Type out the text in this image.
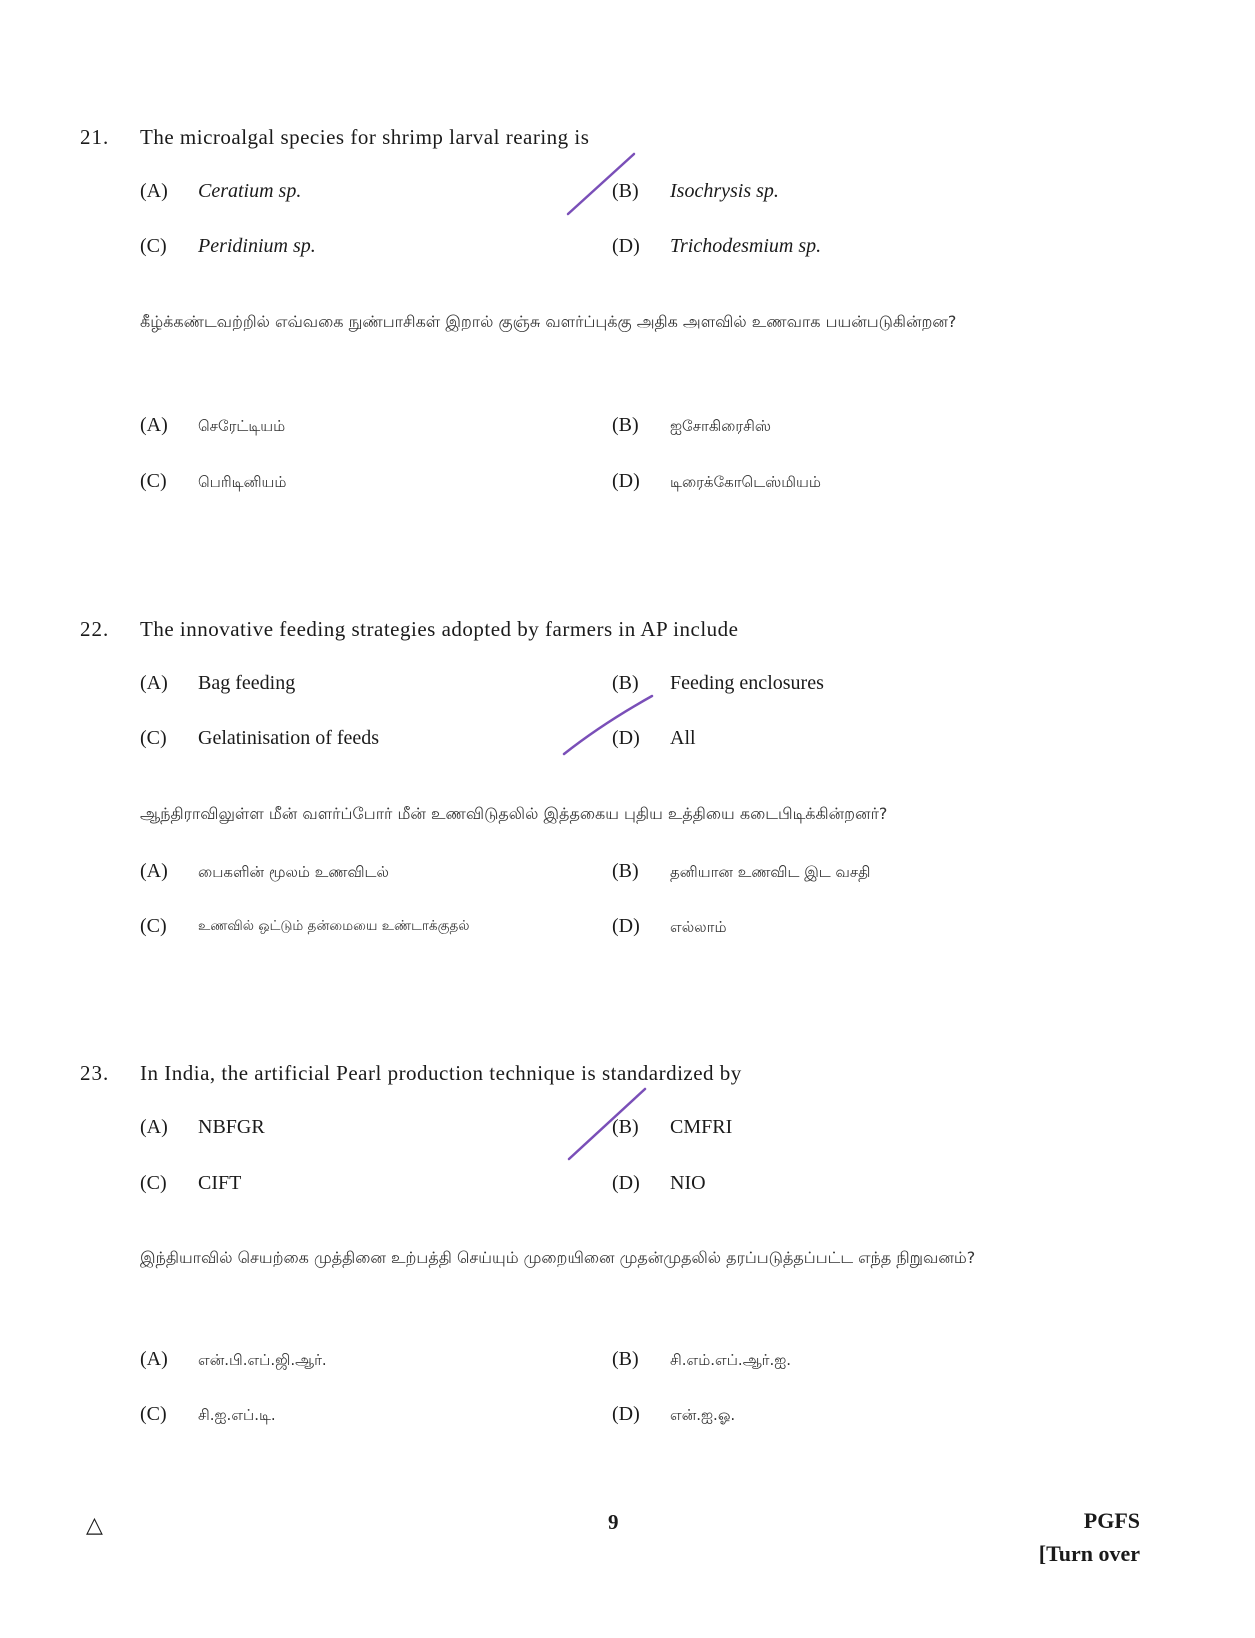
21. The microalgal species for shrimp larval rearing is
(A) Ceratium sp.	(B) Isochrysis sp.
(C) Peridinium sp.	(D) Trichodesmium sp.
கீழ்க்கண்டவற்றில் எவ்வகை நுண்பாசிகள் இறால் குஞ்சு வளர்ப்புக்கு அதிக அளவில் உணவாக பயன்படுகின்றன?
(A) செரேட்டியம்	(B) ஐசோகிரைசிஸ்
(C) பெரிடினியம்	(D) டிரைக்கோடெஸ்மியம்
22. The innovative feeding strategies adopted by farmers in AP include
(A) Bag feeding	(B) Feeding enclosures
(C) Gelatinisation of feeds	(D) All
ஆந்திராவிலுள்ள மீன் வளர்ப்போர் மீன் உணவிடுதலில் இத்தகைய புதிய உத்தியை கடைபிடிக்கின்றனர்?
(A) பைகளின் மூலம் உணவிடல்	(B) தனியான உணவிட இட வசதி
(C) உணவில் ஒட்டும் தன்மையை உண்டாக்குதல்	(D) எல்லாம்
23. In India, the artificial Pearl production technique is standardized by
(A) NBFGR	(B) CMFRI
(C) CIFT	(D) NIO
இந்தியாவில் செயற்கை முத்தினை உற்பத்தி செய்யும் முறையினை முதன்முதலில் தரப்படுத்தப்பட்ட எந்த நிறுவனம்?
(A) என்.பி.எப்.ஜி.ஆர்.	(B) சி.எம்.எப்.ஆர்.ஐ.
(C) சி.ஐ.எப்.டி.	(D) என்.ஐ.ஓ.
△	9	PGFS
[Turn over
